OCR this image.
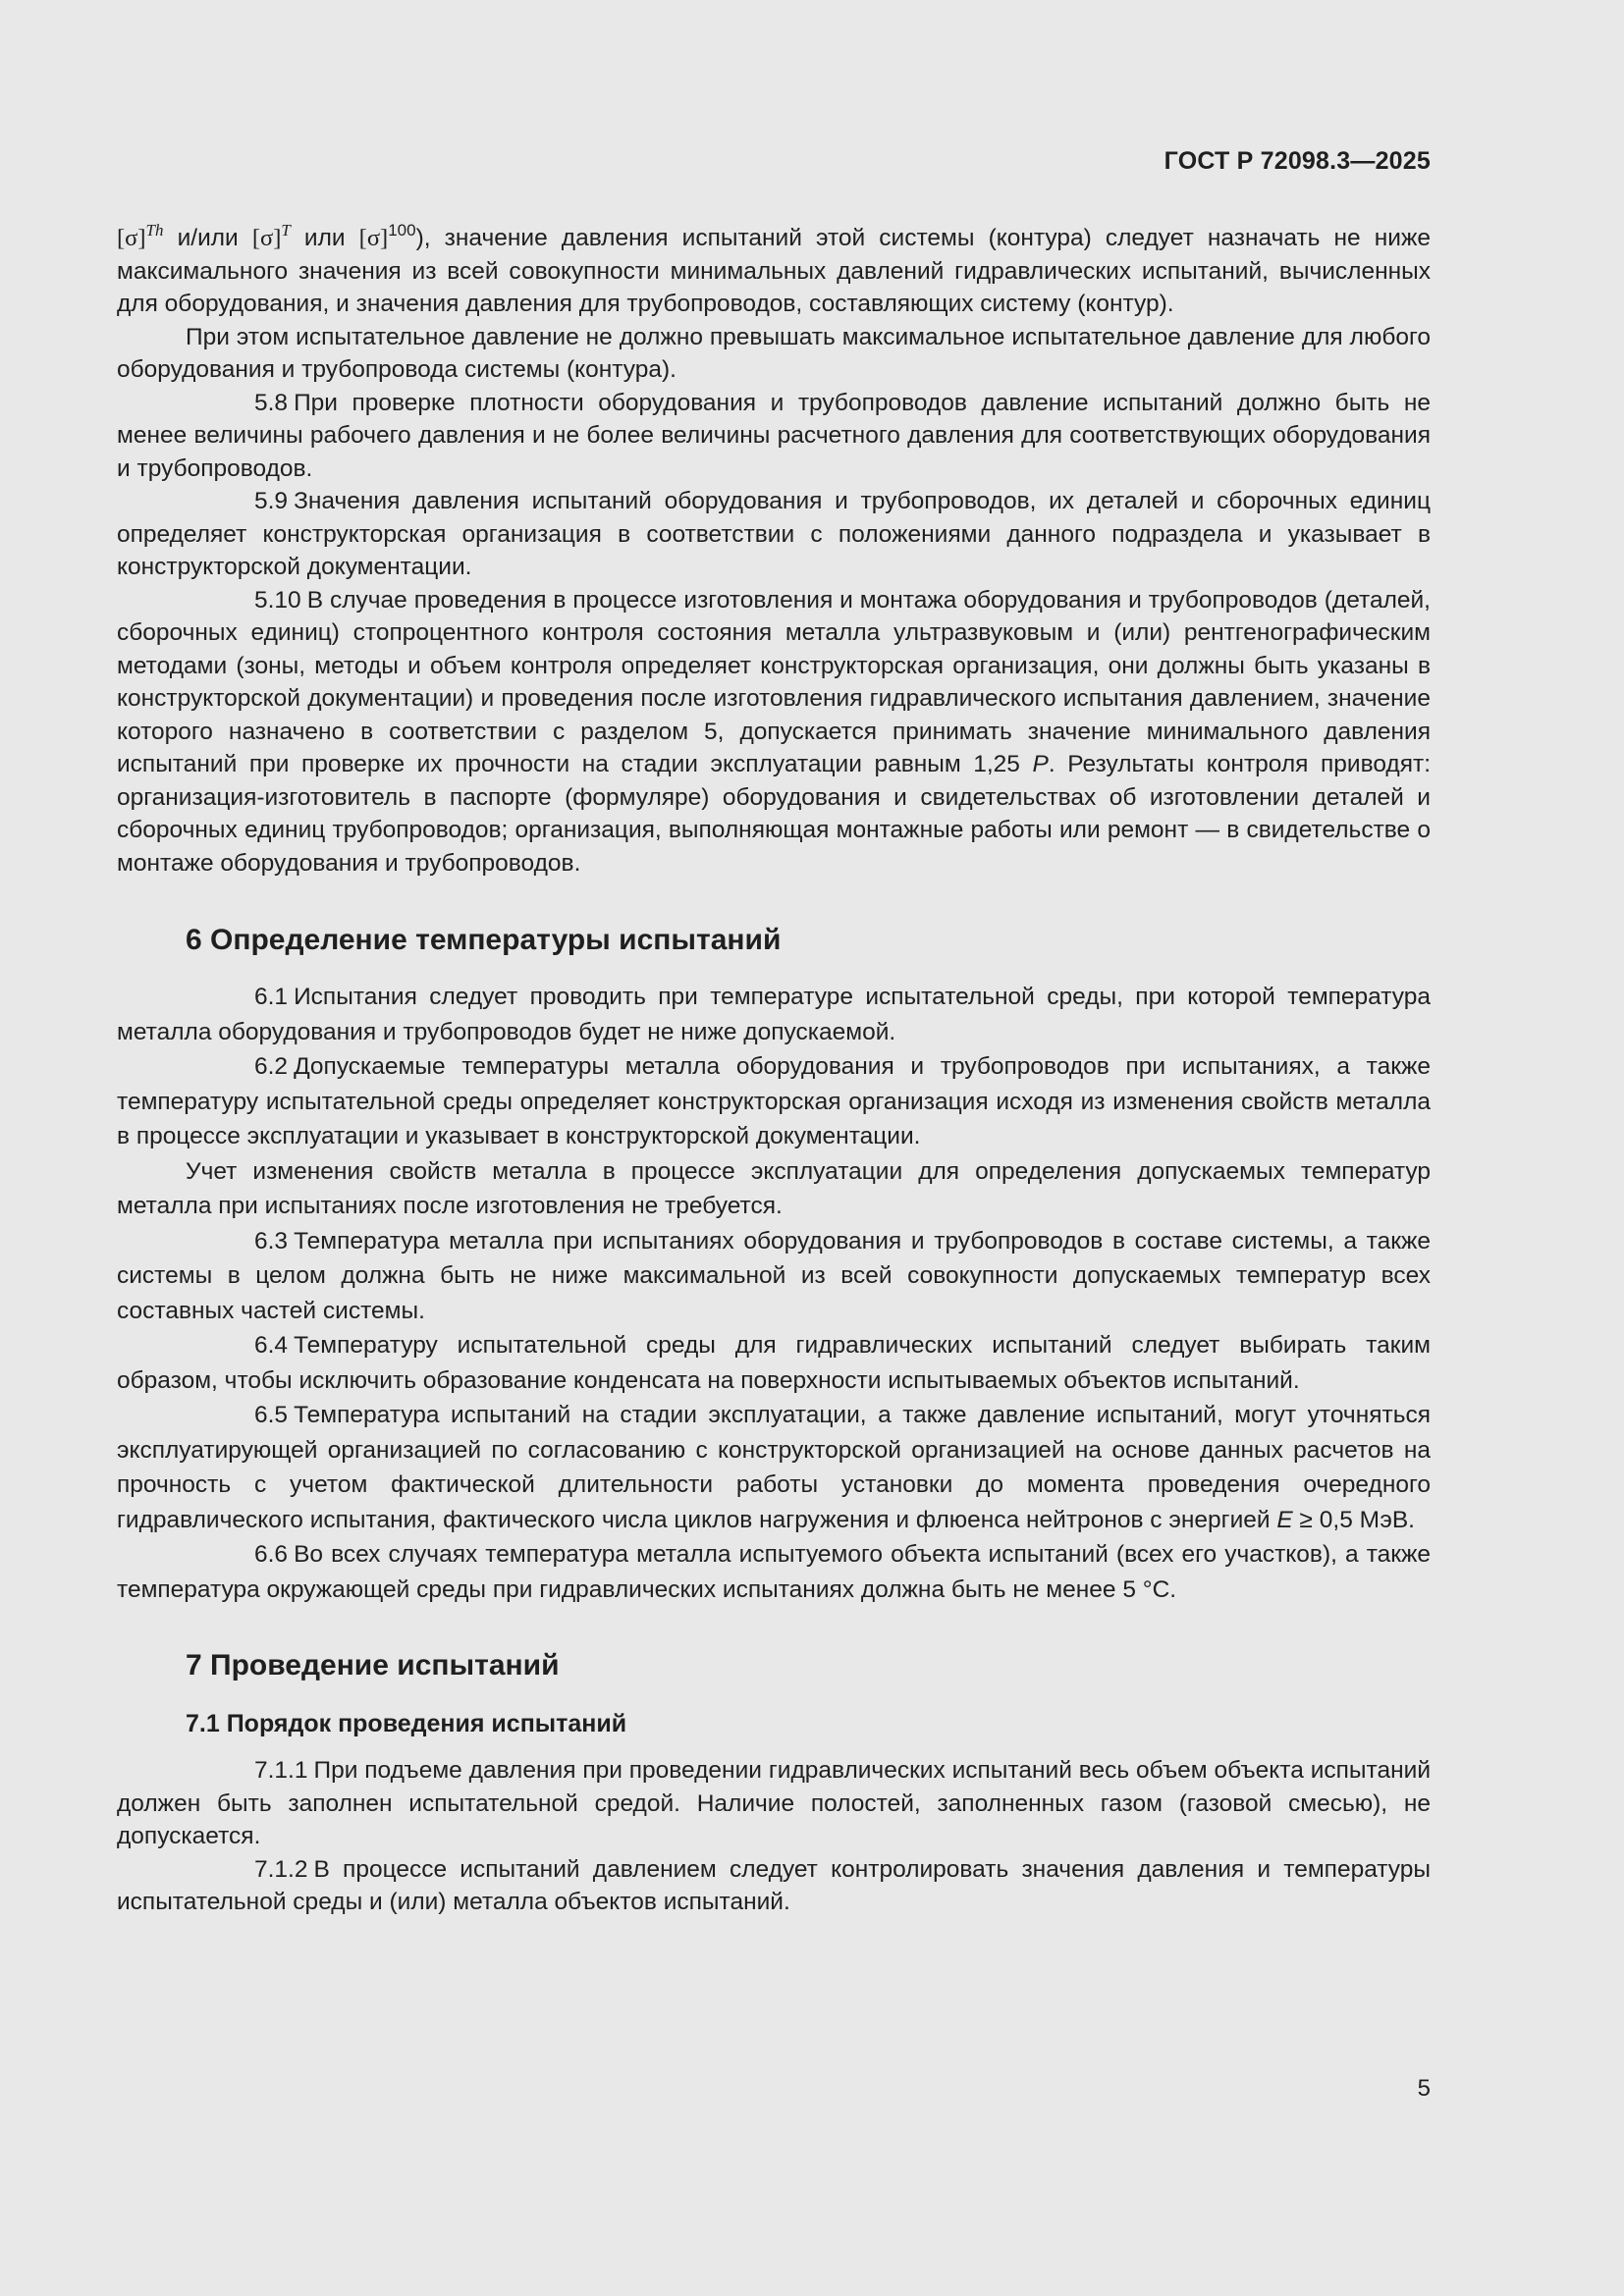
ГОСТ Р 72098.3—2025

$[\sigma]^{Th}$ и/или $[\sigma]^T$ или $[\sigma]^{100}$), значение давления испытаний этой системы (контура) следует назначать не ниже максимального значения из всей совокупности минимальных давлений гидравлических испытаний, вычисленных для оборудования, и значения давления для трубопроводов, составляющих систему (контур).

При этом испытательное давление не должно превышать максимальное испытательное давление для любого оборудования и трубопровода системы (контура).

5.8 При проверке плотности оборудования и трубопроводов давление испытаний должно быть не менее величины рабочего давления и не более величины расчетного давления для соответствующих оборудования и трубопроводов.

5.9 Значения давления испытаний оборудования и трубопроводов, их деталей и сборочных единиц определяет конструкторская организация в соответствии с положениями данного подраздела и указывает в конструкторской документации.

5.10 В случае проведения в процессе изготовления и монтажа оборудования и трубопроводов (деталей, сборочных единиц) стопроцентного контроля состояния металла ультразвуковым и (или) рентгенографическим методами (зоны, методы и объем контроля определяет конструкторская организация, они должны быть указаны в конструкторской документации) и проведения после изготовления гидравлического испытания давлением, значение которого назначено в соответствии с разделом 5, допускается принимать значение минимального давления испытаний при проверке их прочности на стадии эксплуатации равным 1,25 P. Результаты контроля приводят: организация-изготовитель в паспорте (формуляре) оборудования и свидетельствах об изготовлении деталей и сборочных единиц трубопроводов; организация, выполняющая монтажные работы или ремонт — в свидетельстве о монтаже оборудования и трубопроводов.

6 Определение температуры испытаний

6.1 Испытания следует проводить при температуре испытательной среды, при которой температура металла оборудования и трубопроводов будет не ниже допускаемой.

6.2 Допускаемые температуры металла оборудования и трубопроводов при испытаниях, а также температуру испытательной среды определяет конструкторская организация исходя из изменения свойств металла в процессе эксплуатации и указывает в конструкторской документации.

Учет изменения свойств металла в процессе эксплуатации для определения допускаемых температур металла при испытаниях после изготовления не требуется.

6.3 Температура металла при испытаниях оборудования и трубопроводов в составе системы, а также системы в целом должна быть не ниже максимальной из всей совокупности допускаемых температур всех составных частей системы.

6.4 Температуру испытательной среды для гидравлических испытаний следует выбирать таким образом, чтобы исключить образование конденсата на поверхности испытываемых объектов испытаний.

6.5 Температура испытаний на стадии эксплуатации, а также давление испытаний, могут уточняться эксплуатирующей организацией по согласованию с конструкторской организацией на основе данных расчетов на прочность с учетом фактической длительности работы установки до момента проведения очередного гидравлического испытания, фактического числа циклов нагружения и флюенса нейтронов с энергией E ≥ 0,5 МэВ.

6.6 Во всех случаях температура металла испытуемого объекта испытаний (всех его участков), а также температура окружающей среды при гидравлических испытаниях должна быть не менее 5 °С.

7 Проведение испытаний
7.1 Порядок проведения испытаний

7.1.1 При подъеме давления при проведении гидравлических испытаний весь объем объекта испытаний должен быть заполнен испытательной средой. Наличие полостей, заполненных газом (газовой смесью), не допускается.

7.1.2 В процессе испытаний давлением следует контролировать значения давления и температуры испытательной среды и (или) металла объектов испытаний.

5
